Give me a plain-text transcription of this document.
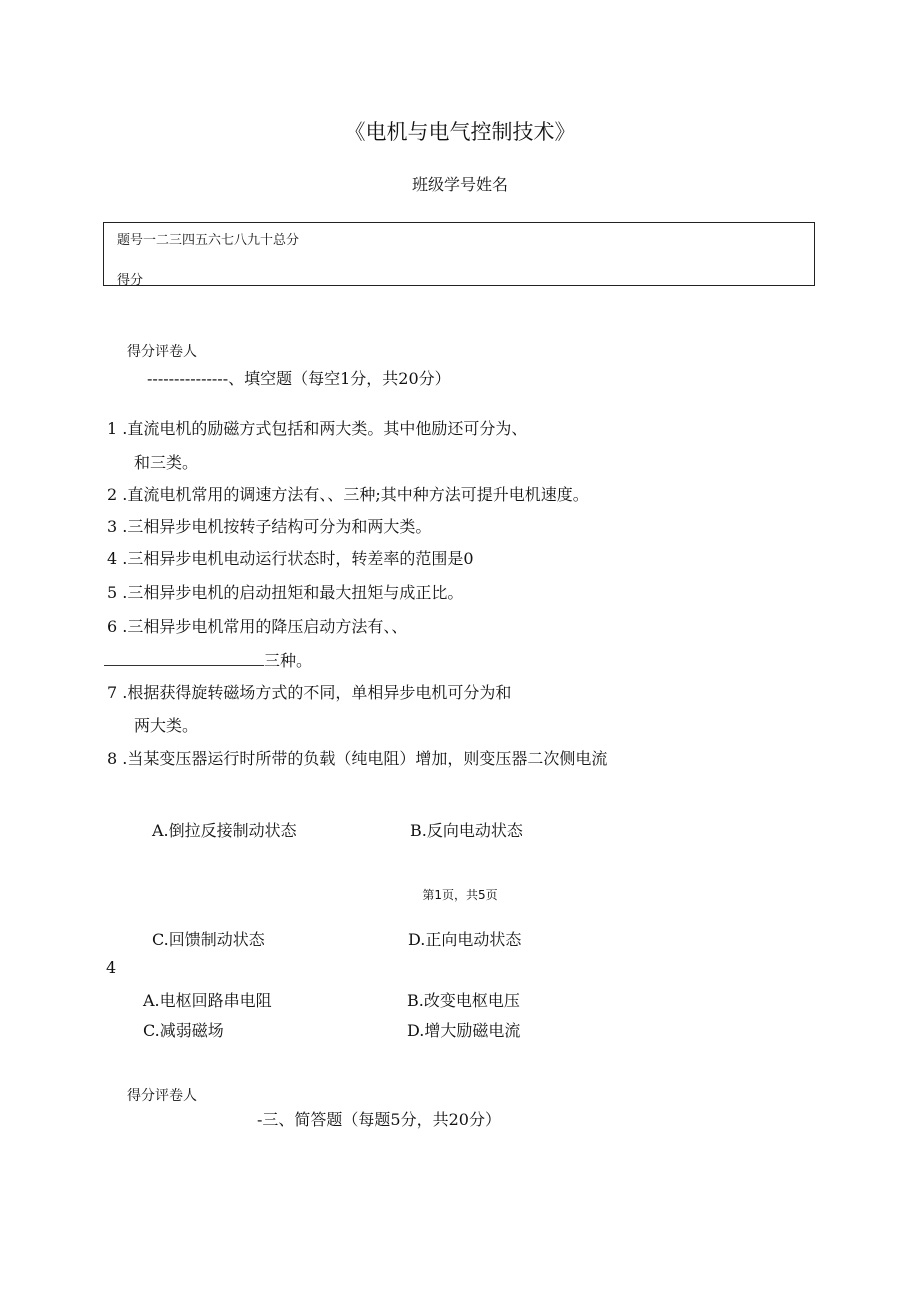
《电机与电气控制技术》
班级学号姓名
题号一二三四五六七八九十总分
得分
得分评卷人
---------------、填空题（每空1分，共20分）
1 .直流电机的励磁方式包括和两大类。其中他励还可分为、
和三类。
2 .直流电机常用的调速方法有、、三种;其中种方法可提升电机速度。
3 .三相异步电机按转子结构可分为和两大类。
4 .三相异步电机电动运行状态时，转差率的范围是0
5 .三相异步电机的启动扭矩和最大扭矩与成正比。
6 .三相异步电机常用的降压启动方法有、、
三种。
7 .根据获得旋转磁场方式的不同，单相异步电机可分为和
两大类。
8 .当某变压器运行时所带的负载（纯电阻）增加，则变压器二次侧电流
A.倒拉反接制动状态	B.反向电动状态
第1页，共5页
C.回馈制动状态	D.正向电动状态
4
A.电枢回路串电阻	B.改变电枢电压
C.减弱磁场	D.增大励磁电流
得分评卷人
-三、简答题（每题5分，共20分）
